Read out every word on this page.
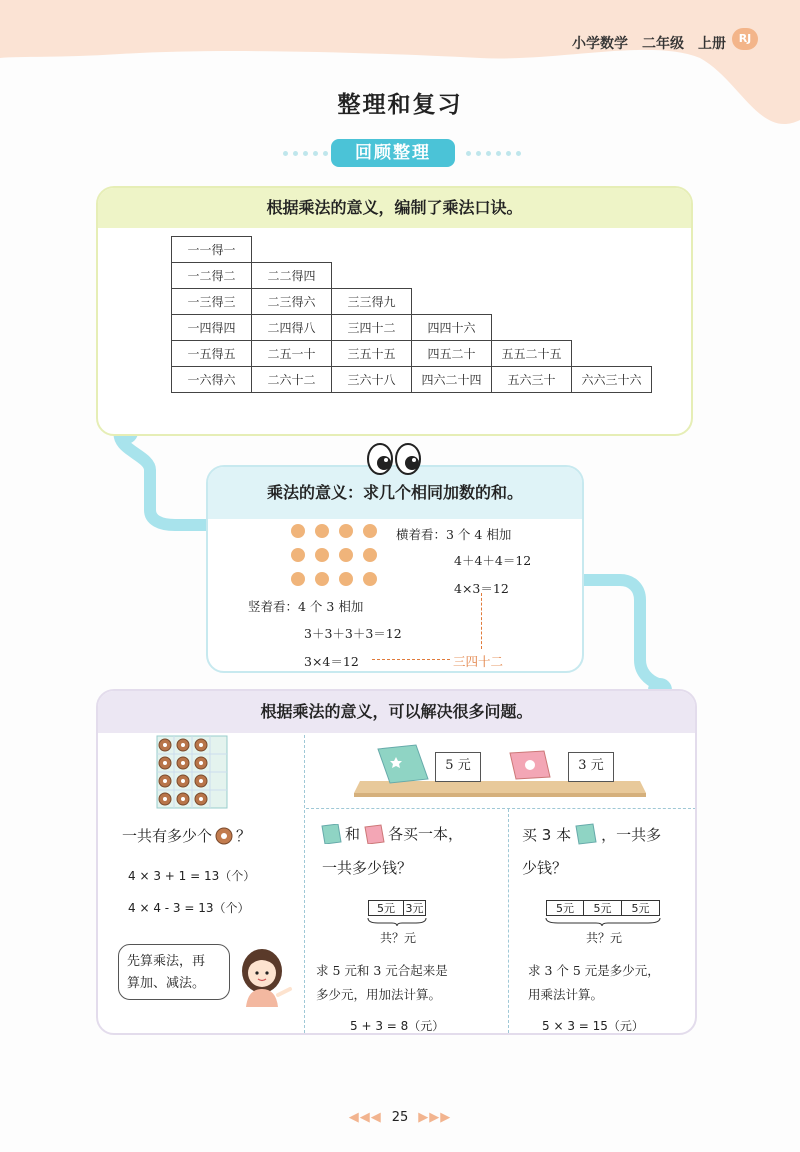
小学数学 二年级 上册	RJ
整理和复习
回顾整理
根据乘法的意义，编制了乘法口诀。
一一得一					
一二得二	二二得四				
一三得三	二三得六	三三得九			
一四得四	二四得八	三四十二	四四十六		
一五得五	二五一十	三五十五	四五二十	五五二十五	
一六得六	二六十二	三六十八	四六二十四	五六三十	六六三十六
乘法的意义：求几个相同加数的和。
横着看：3 个 4 相加
4＋4＋4＝12
4×3＝12
竖着看：4 个 3 相加
3＋3＋3＋3＝12
3×4＝12	三四十二
根据乘法的意义，可以解决很多问题。
一共有多少个 ？
4 × 3 + 1 = 13（个）
4 × 4 - 3 = 13（个）
先算乘法，再
算加、减法。
5 元	3 元
和 各买一本，
一共多少钱？
5元 3元
共？元
求 5 元和 3 元合起来是
多少元，用加法计算。
5 + 3 = 8（元）
买 3 本 ，一共多
少钱？
5元	5元	5元
共？元
求 3 个 5 元是多少元，
用乘法计算。
5 × 3 = 15（元）
◀◀◀ 25 ▶▶▶
